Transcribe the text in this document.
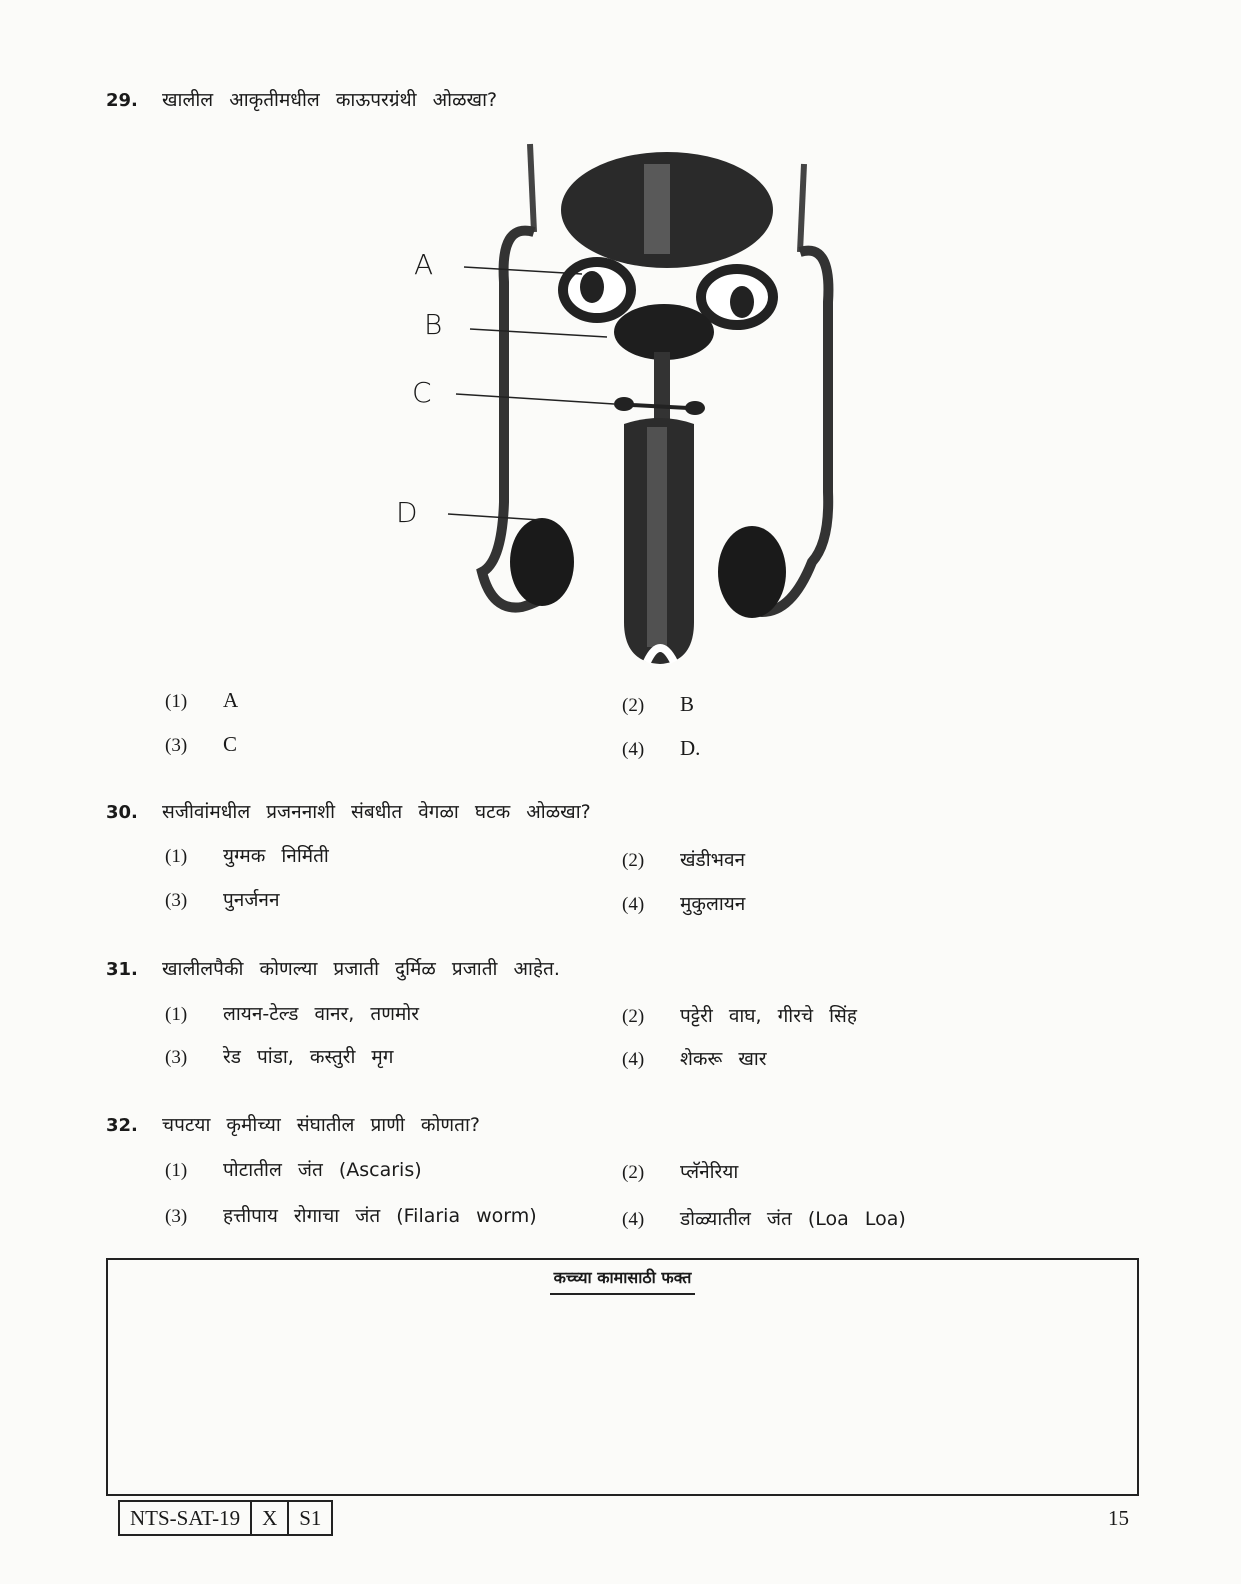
29. खालील आकृतीमधील काऊपरग्रंथी ओळखा?
A
B
C
D
(1) A	(2) B
(3) C	(4) D.
30. सजीवांमधील प्रजननाशी संबधीत वेगळा घटक ओळखा?
(1) युग्मक निर्मिती	(2) खंडीभवन
(3) पुनर्जनन	(4) मुकुलायन
31. खालीलपैकी कोणल्या प्रजाती दुर्मिळ प्रजाती आहेत.
(1) लायन-टेल्ड वानर, तणमोर	(2) पट्टेरी वाघ, गीरचे सिंह
(3) रेड पांडा, कस्तुरी मृग	(4) शेकरू खार
32. चपटया कृमीच्या संघातील प्राणी कोणता?
(1) पोटातील जंत (Ascaris)	(2) प्लॅनेरिया
(3) हत्तीपाय रोगाचा जंत (Filaria worm)	(4) डोळ्यातील जंत (Loa Loa)
कच्च्या कामासाठी फक्त
NTS-SAT-19	X	S1	15
